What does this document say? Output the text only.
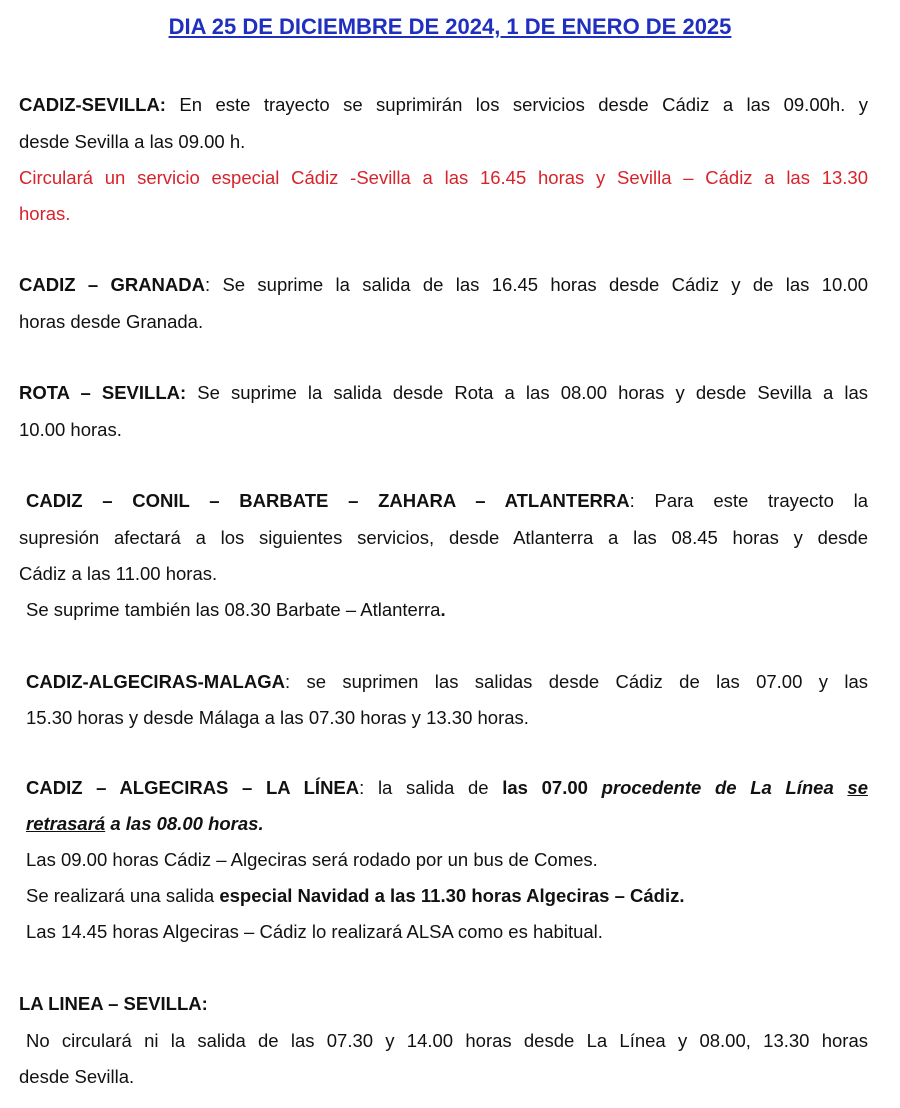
DIA 25 DE DICIEMBRE DE 2024, 1 DE ENERO DE 2025
CADIZ-SEVILLA: En este trayecto se suprimirán los servicios desde Cádiz a las 09.00h. y
desde Sevilla a las 09.00 h.
Circulará un servicio especial Cádiz -Sevilla a las 16.45 horas y Sevilla – Cádiz a las 13.30
horas.
CADIZ – GRANADA: Se suprime la salida de las 16.45 horas desde Cádiz y de las 10.00
horas desde Granada.
ROTA – SEVILLA: Se suprime la salida desde Rota a las 08.00 horas y desde Sevilla a las
10.00 horas.
CADIZ – CONIL – BARBATE – ZAHARA – ATLANTERRA: Para este trayecto la
supresión afectará a los siguientes servicios, desde Atlanterra a las 08.45 horas y desde
Cádiz a las 11.00 horas.
Se suprime también las 08.30 Barbate – Atlanterra.
CADIZ-ALGECIRAS-MALAGA: se suprimen las salidas desde Cádiz de las 07.00 y las
15.30 horas y desde Málaga a las 07.30 horas y 13.30 horas.
CADIZ – ALGECIRAS – LA LÍNEA: la salida de las 07.00 procedente de La Línea se
retrasará a las 08.00 horas.
Las 09.00 horas Cádiz – Algeciras será rodado por un bus de Comes.
Se realizará una salida especial Navidad a las 11.30 horas Algeciras – Cádiz.
Las 14.45 horas Algeciras – Cádiz lo realizará ALSA como es habitual.
LA LINEA – SEVILLA:
No circulará ni la salida de las 07.30 y 14.00 horas desde La Línea y 08.00, 13.30 horas
desde Sevilla.
